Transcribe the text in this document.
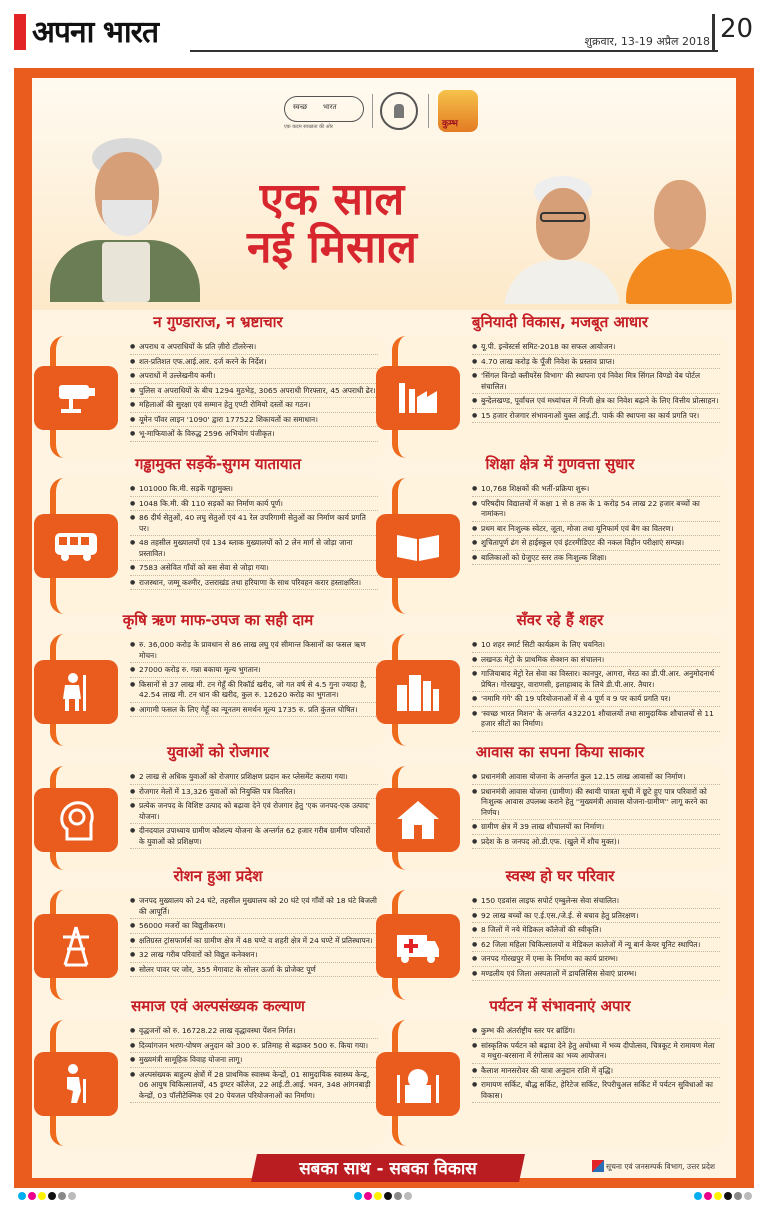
अपना भारत	शुक्रवार, 13-19 अप्रैल 2018 20
स्वच्छ भारत
एक कदम स्वच्छता की ओर	कुम्भ
एक साल
नई मिसाल
न गुण्डाराज, न भ्रष्टाचार
● अपराध व अपराधियों के प्रति ज़ीरो टॉलरेन्स।
● शत-प्रतिशत एफ.आई.आर. दर्ज करने के निर्देश।
● अपराधों में उल्लेखनीय कमी।
● पुलिस व अपराधियों के बीच 1294 मुठभेड़, 3065 अपराधी गिरफ्तार, 45 अपराधी ढेर।
● महिलाओं की सुरक्षा एवं सम्मान हेतु एण्टी रोमियो दस्तों का गठन।
● यूमेन पॉवर लाइन '1090' द्वारा 177522 शिकायतों का समाधान।
● भू-माफियाओं के विरुद्ध 2596 अभियोग पंजीकृत।
बुनियादी विकास, मजबूत आधार
● यू.पी. इन्वेस्टर्स समिट-2018 का सफल आयोजन।
● 4.70 लाख करोड़ के पूँजी निवेश के प्रस्ताव प्राप्त।
● 'सिंगल विन्डो क्लीयरेंस विभाग' की स्थापना एवं निवेश मित्र सिंगल विण्डो वेब पोर्टल संचालित।
● बुन्देलखण्ड, पूर्वांचल एवं मध्यांचल में निजी क्षेत्र का निवेश बढ़ाने के लिए वित्तीय प्रोत्साहन।
● 15 हजार रोजगार संभावनाओं युक्त आई.टी. पार्क की स्थापना का कार्य प्रगति पर।
गड्ढामुक्त सड़कें-सुगम यातायात
● 101000 कि.मी. सड़कें गड्ढामुक्त।
● 1048 कि.मी. की 110 सड़कों का निर्माण कार्य पूर्ण।
● 86 दीर्घ सेतुओं, 40 लघु सेतुओं एवं 41 रेल उपरिगामी सेतुओं का निर्माण कार्य प्रगति पर।
● 48 तहसील मुख्यालयों एवं 134 ब्लाक मुख्यालयों को 2 लेन मार्ग से जोड़ा जाना प्रस्तावित।
● 7583 असेवित गाँवों को बस सेवा से जोड़ा गया।
● राजस्थान, जम्मू कश्मीर, उत्तराखंड तथा हरियाणा के साथ परिवहन करार हस्ताक्षरित।
शिक्षा क्षेत्र में गुणवत्ता सुधार
● 10,768 शिक्षकों की भर्ती-प्रक्रिया शुरू।
● परिषदीय विद्यालयों में कक्षा 1 से 8 तक के 1 करोड़ 54 लाख 22 हजार बच्चों का नामांकन।
● प्रथम बार निःशुल्क स्वेटर, जूता, मोजा तथा यूनिफार्म एवं बैग का वितरण।
● शुचितापूर्ण ढंग से हाईस्कूल एवं इंटरमीडिएट की नकल विहीन परीक्षाएं सम्पन्न।
● बालिकाओं को ग्रेजुएट स्तर तक निःशुल्क शिक्षा।
कृषि ऋण माफ-उपज का सही दाम
● रु. 36,000 करोड़ के प्रावधान से 86 लाख लघु एवं सीमान्त किसानों का फसल ऋण मोचन।
● 27000 करोड़ रु. गन्ना बकाया मूल्य भुगतान।
● किसानों से 37 लाख मी. टन गेहूँ की रिकॉर्ड खरीद, जो गत वर्ष से 4.5 गुना ज्यादा है, 42.54 लाख मी. टन धान की खरीद, कुल रु. 12620 करोड़ का भुगतान।
● आगामी फसल के लिए गेहूँ का न्यूनतम समर्थन मूल्य 1735 रु. प्रति कुंतल घोषित।
सँवर रहे हैं शहर
● 10 शहर स्मार्ट सिटी कार्यक्रम के लिए चयनित।
● लखनऊ मेट्रो के प्राथमिक सेक्शन का संचालन।
● गाजियाबाद मेट्रो रेल सेवा का विस्तार। कानपुर, आगरा, मेरठ का डी.पी.आर. अनुमोदनार्थ प्रेषित। गोरखपुर, वाराणसी, इलाहाबाद के लिये डी.पी.आर. तैयार।
● 'नमामि गंगे' की 19 परियोजनाओं में से 4 पूर्ण व 9 पर कार्य प्रगति पर।
● 'स्वच्छ भारत मिशन' के अन्तर्गत 432201 शौचालयों तथा सामुदायिक शौचालयों से 11 हजार सीटों का निर्माण।
युवाओं को रोजगार
● 2 लाख से अधिक युवाओं को रोजगार प्रशिक्षण प्रदान कर प्लेसमेंट कराया गया।
● रोजगार मेलों में 13,326 युवाओं को नियुक्ति पत्र वितरित।
● प्रत्येक जनपद के विशिष्ट उत्पाद को बढ़ावा देने एवं रोजगार हेतु 'एक जनपद-एक उत्पाद' योजना।
● दीनदयाल उपाध्याय ग्रामीण कौशल्य योजना के अन्तर्गत 62 हजार गरीब ग्रामीण परिवारों के युवाओं को प्रशिक्षण।
आवास का सपना किया साकार
● प्रधानमंत्री आवास योजना के अन्तर्गत कुल 12.15 लाख आवासों का निर्माण।
● प्रधानमंत्री आवास योजना (ग्रामीण) की स्थायी पात्रता सूची में छूटे हुए पात्र परिवारों को निःशुल्क आवास उपलब्ध कराने हेतु ''मुख्यमंत्री आवास योजना-ग्रामीण'' लागू करने का निर्णय।
● ग्रामीण क्षेत्र में 39 लाख शौचालयों का निर्माण।
● प्रदेश के 8 जनपद ओ.डी.एफ. (खुले में शौच मुक्त)।
रोशन हुआ प्रदेश
● जनपद मुख्यालय को 24 घंटे, तहसील मुख्यालय को 20 घंटे एवं गाँवों को 18 घंटे बिजली की आपूर्ति।
● 56000 मजरों का विद्युतीकरण।
● क्षतिग्रस्त ट्रांसफार्मर्स का ग्रामीण क्षेत्र में 48 घण्टे व शहरी क्षेत्र में 24 घण्टे में प्रतिस्थापन।
● 32 लाख गरीब परिवारों को विद्युत कनेक्शन।
● सोलर पावर पर जोर, 355 मेगावाट के सोलर ऊर्जा के प्रोजेक्ट पूर्ण
स्वस्थ हो घर परिवार
● 150 एडवांस लाइफ सपोर्ट एम्बुलेन्स सेवा संचालित।
● 92 लाख बच्चों का ए.ई.एस./जे.ई. से बचाव हेतु प्रतिरक्षण।
● 8 जिलों में नये मेडिकल कॉलेजों की स्वीकृति।
● 62 जिला महिला चिकित्सालयों व मेडिकल कालेजों में न्यू बार्न केयर यूनिट स्थापित।
● जनपद गोरखपुर में एम्स के निर्माण का कार्य प्रारम्भ।
● मण्डलीय एवं जिला अस्पतालों में डायलिसिस सेवाएं प्रारम्भ।
समाज एवं अल्पसंख्यक कल्याण
● वृद्धजनों को रु. 16728.22 लाख वृद्धावस्था पेंशन निर्गत।
● दिव्यांगजन भरण-पोषण अनुदान को 300 रु. प्रतिमाह से बढ़ाकर 500 रु. किया गया।
● मुख्यमंत्री सामूहिक विवाह योजना लागू।
● अल्पसंख्यक बाहुल्य क्षेत्रों में 28 प्राथमिक स्वास्थ्य केन्द्रों, 01 सामुदायिक स्वास्थ्य केन्द्र, 06 आयुष चिकित्सालयों, 45 इण्टर कॉलेज, 22 आई.टी.आई. भवन, 348 आंगनबाड़ी केन्द्रों, 03 पॉलीटेक्निक एवं 20 पेयजल परियोजनाओं का निर्माण।
पर्यटन में संभावनाएं अपार
● कुम्भ की अंतर्राष्ट्रीय स्तर पर ब्रांडिंग।
● सांस्कृतिक पर्यटन को बढ़ावा देने हेतु अयोध्या में भव्य दीपोत्सव, चित्रकूट मे रामायण मेला व मथुरा-बरसाना में रंगोत्सव का भव्य आयोजन।
● कैलाश मानसरोवर की यात्रा अनुदान राशि में वृद्धि।
● रामायण सर्किट, बौद्ध सर्किट, हेरिटेज सर्किट, रिपरीचुअल सर्किट में पर्यटन सुविधाओं का विकास।
सबका साथ - सबका विकास	सूचना एवं जनसम्पर्क विभाग, उत्तर प्रदेश
